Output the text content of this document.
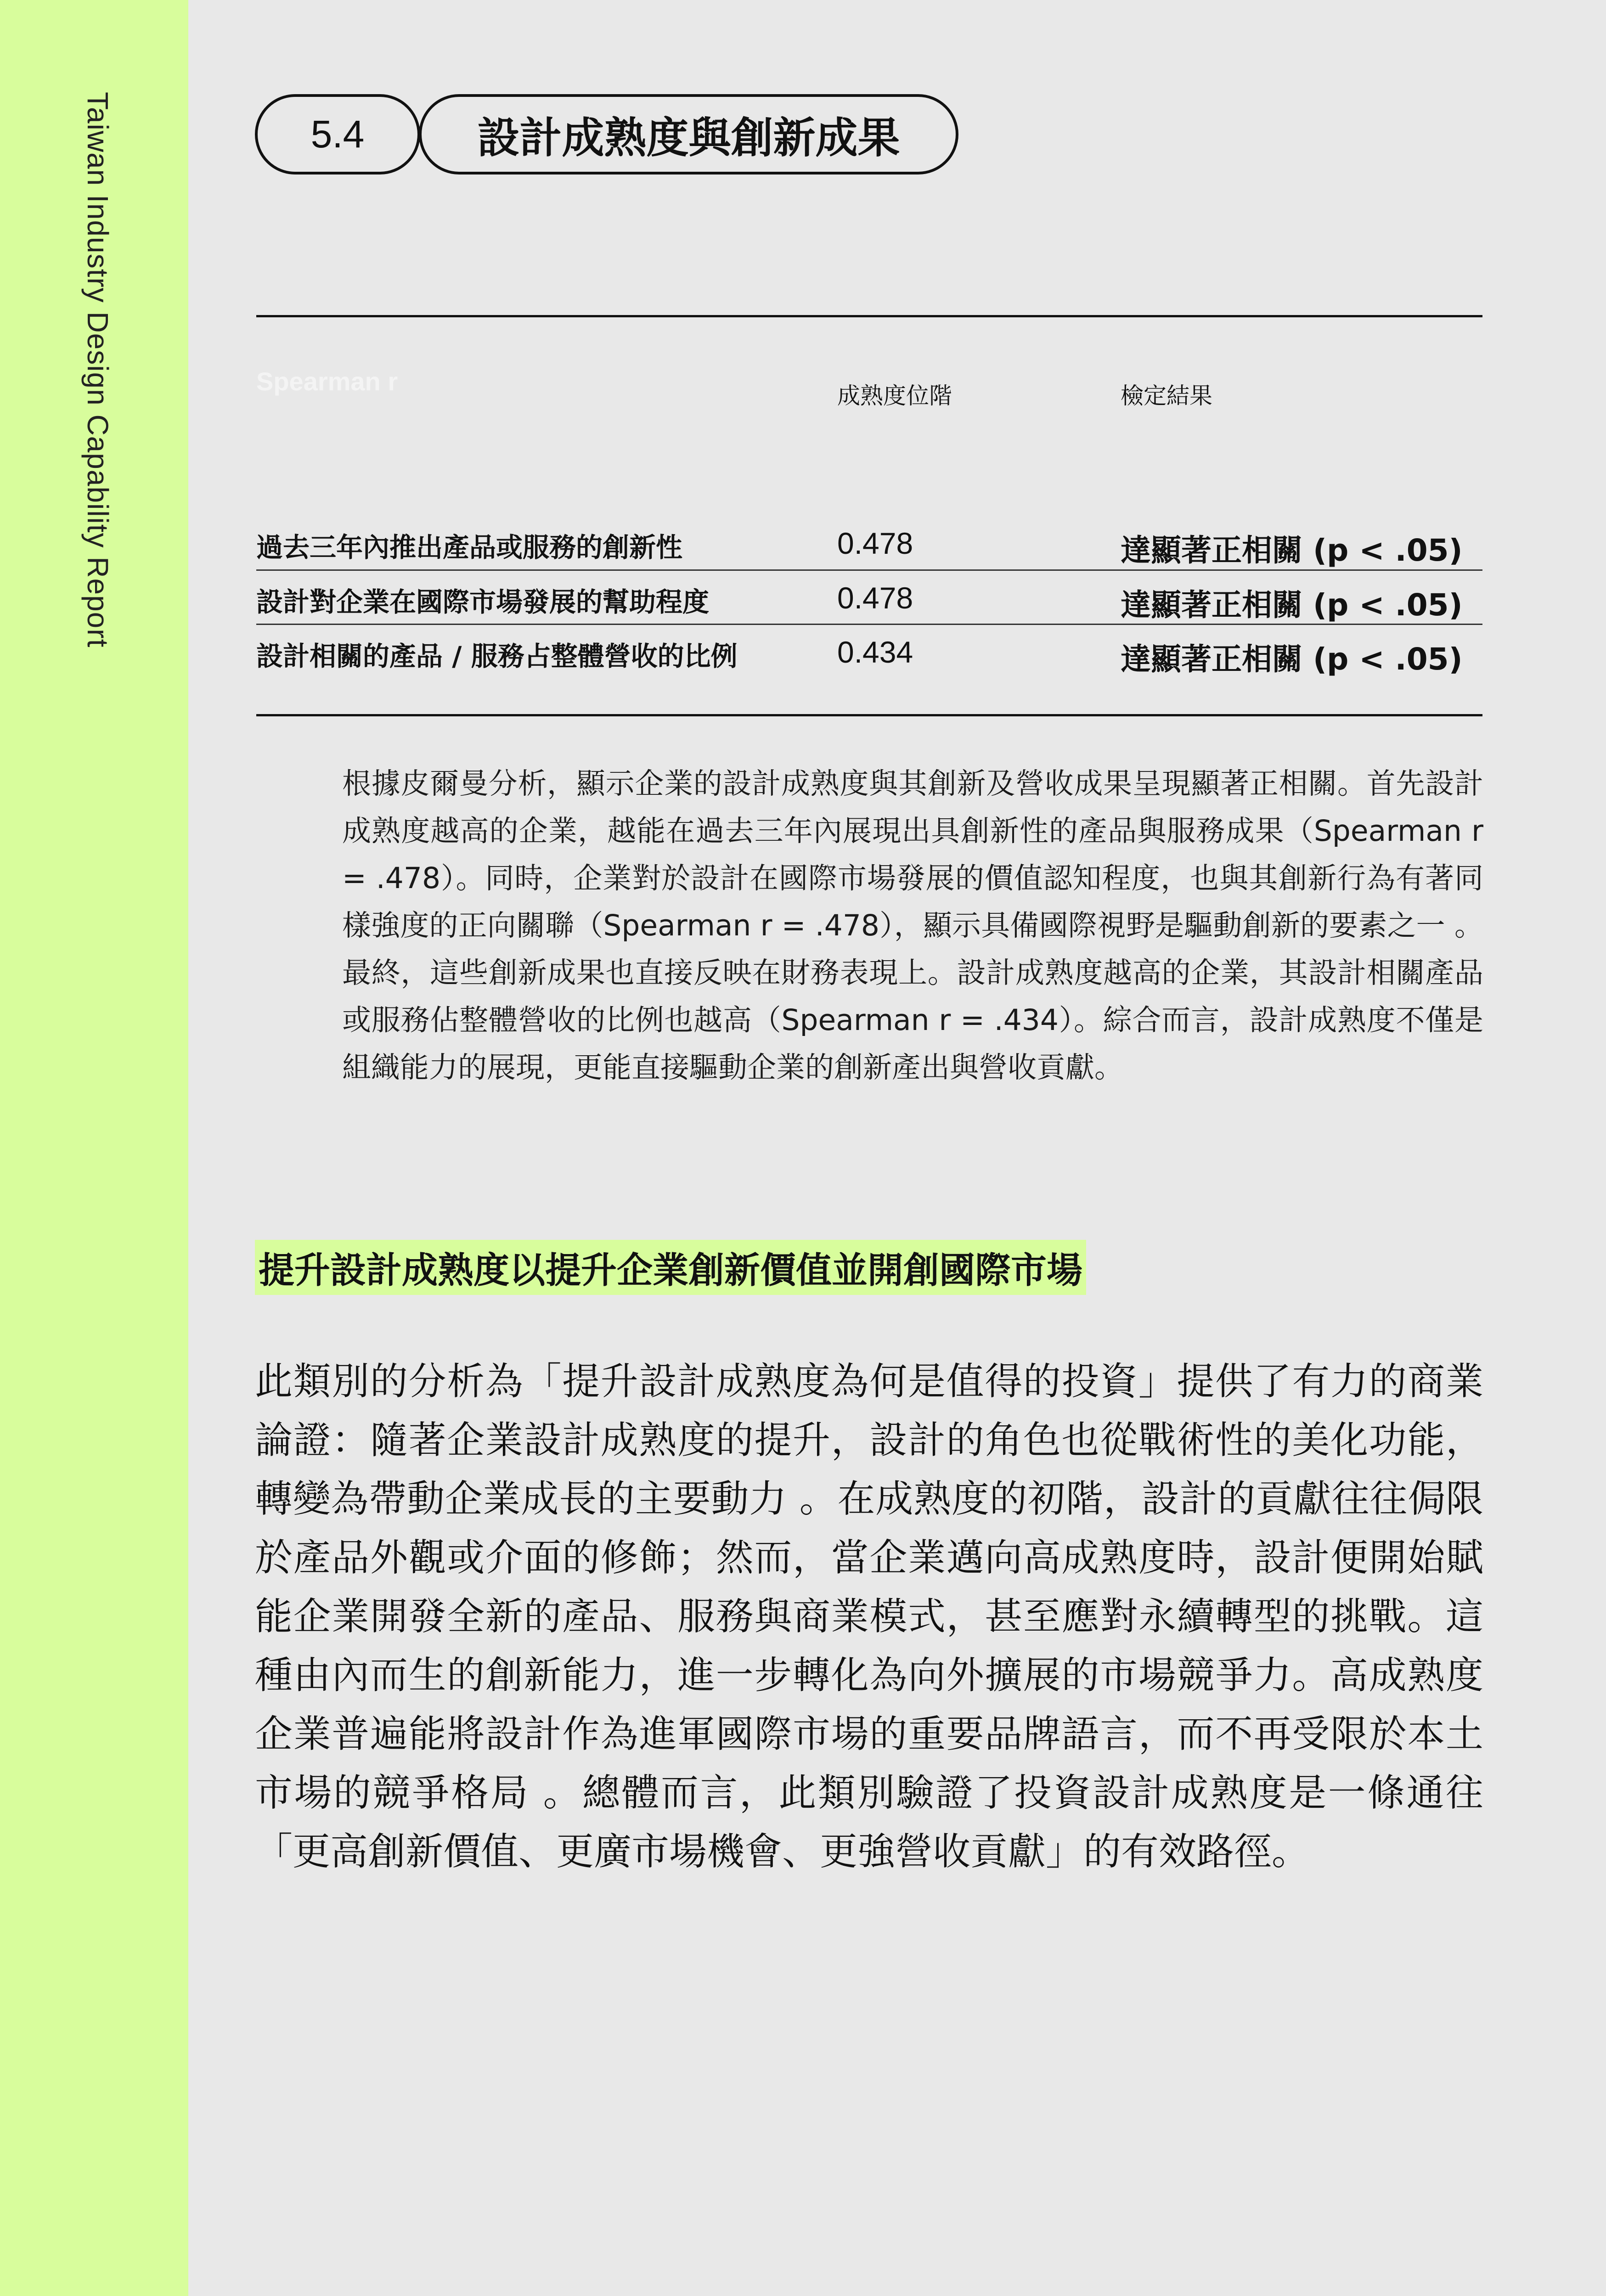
Taiwan Industry Design Capability Report	5.4	設計成熟度與創新成果
Spearman r	成熟度位階	檢定結果
過去三年內推出產品或服務的創新性	0.478	達顯著正相關 (p < .05)
設計對企業在國際市場發展的幫助程度	0.478	達顯著正相關 (p < .05)
設計相關的產品 / 服務占整體營收的比例	0.434	達顯著正相關 (p < .05)
根據皮爾曼分析，顯示企業的設計成熟度與其創新及營收成果呈現顯著正相關。首先設計成熟度越高的企業，越能在過去三年內展現出具創新性的產品與服務成果（Spearman r = .478）。同時，企業對於設計在國際市場發展的價值認知程度，也與其創新行為有著同樣強度的正向關聯（Spearman r = .478），顯示具備國際視野是驅動創新的要素之一 。最終，這些創新成果也直接反映在財務表現上。設計成熟度越高的企業，其設計相關產品或服務佔整體營收的比例也越高（Spearman r = .434）。綜合而言，設計成熟度不僅是組織能力的展現，更能直接驅動企業的創新產出與營收貢獻。
提升設計成熟度以提升企業創新價值並開創國際市場
此類別的分析為「提升設計成熟度為何是值得的投資」提供了有力的商業論證：隨著企業設計成熟度的提升，設計的角色也從戰術性的美化功能，轉變為帶動企業成長的主要動力 。在成熟度的初階，設計的貢獻往往侷限於產品外觀或介面的修飾；然而，當企業邁向高成熟度時，設計便開始賦能企業開發全新的產品、服務與商業模式，甚至應對永續轉型的挑戰。這種由內而生的創新能力，進一步轉化為向外擴展的市場競爭力。高成熟度企業普遍能將設計作為進軍國際市場的重要品牌語言，而不再受限於本土市場的競爭格局 。總體而言，此類別驗證了投資設計成熟度是一條通往「更高創新價值、更廣市場機會、更強營收貢獻」的有效路徑。
